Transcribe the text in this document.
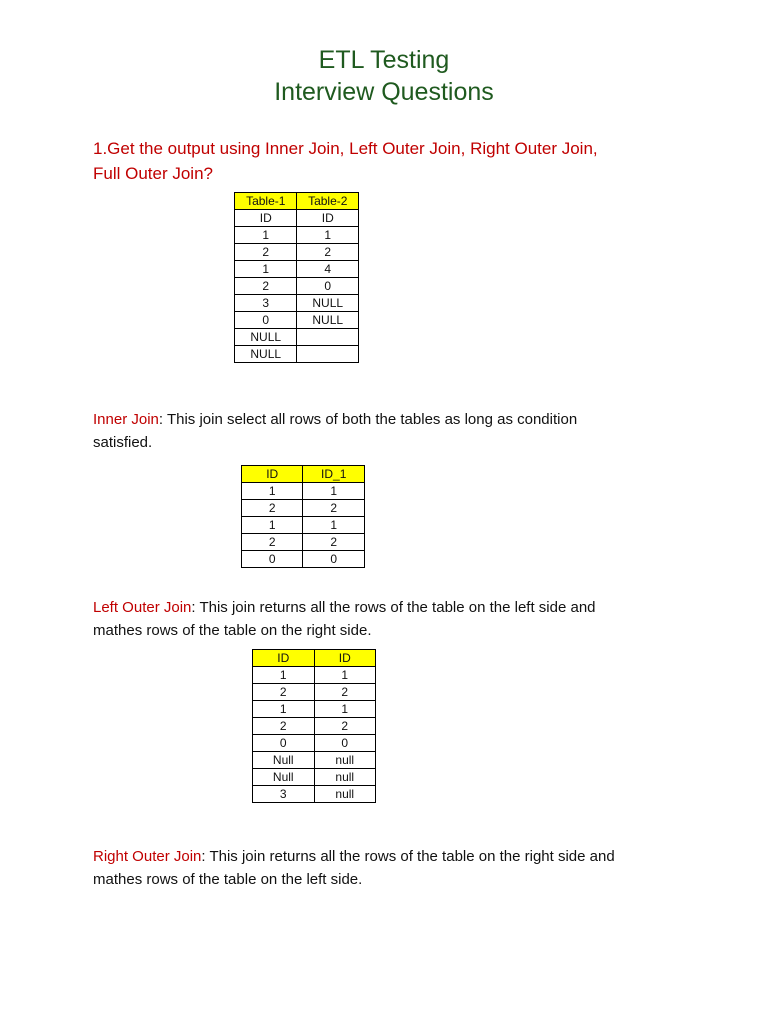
ETL Testing
Interview Questions
1.Get the output using Inner Join, Left Outer Join, Right Outer Join,
Full Outer Join?
Table-1	Table-2
ID	ID
1	1
2	2
1	4
2	0
3	NULL
0	NULL
NULL	
NULL	
Inner Join: This join select all rows of both the tables as long as condition
satisfied.
ID	ID_1
1	1
2	2
1	1
2	2
0	0
Left Outer Join: This join returns all the rows of the table on the left side and
mathes rows of the table on the right side.
ID	ID
1	1
2	2
1	1
2	2
0	0
Null	null
Null	null
3	null
Right Outer Join: This join returns all the rows of the table on the right side and
mathes rows of the table on the left side.
